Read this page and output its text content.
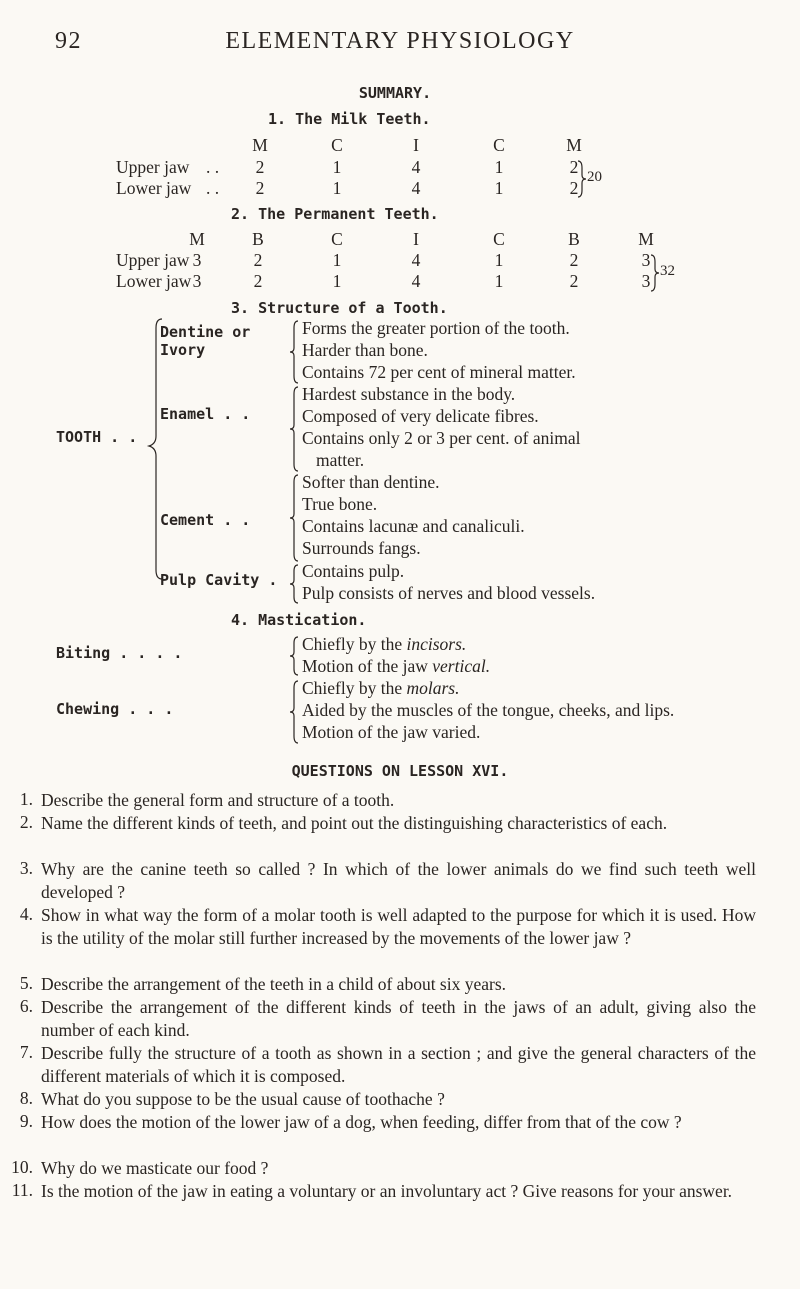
92	ELEMENTARY PHYSIOLOGY
SUMMARY.
1. The Milk Teeth.
M	C	I	C	M
Upper jaw . .	2	1	4	1	2
Lower jaw . .	2	1	4	1	2
20
2. The Permanent Teeth.
M	B	C	I	C	B	M
Upper jaw 3	2	1	4	1	2	3
Lower jaw 3	2	1	4	1	2	3 32
3. Structure of a Tooth.
TOOTH . .
Dentine or
Ivory
Forms the greater portion of the tooth.
Harder than bone.
Contains 72 per cent of mineral matter.
Enamel . .
Hardest substance in the body.
Composed of very delicate fibres.
Contains only 2 or 3 per cent. of animal
matter.
Cement . .
Softer than dentine.
True bone.
Contains lacunæ and canaliculi.
Surrounds fangs.
Pulp Cavity . Contains pulp.
Pulp consists of nerves and blood vessels.
4. Mastication.
Biting . . . .	Chiefly by the incisors.
Motion of the jaw vertical.
Chewing . . .
Chiefly by the molars.
Aided by the muscles of the tongue, cheeks, and lips.
Motion of the jaw varied.
QUESTIONS ON LESSON XVI.
1. Describe the general form and structure of a tooth.
2. Name the different kinds of teeth, and point out the distinguishing characteristics of each.
3. Why are the canine teeth so called ? In which of the lower animals do we find such teeth well developed ?
4. Show in what way the form of a molar tooth is well adapted to the purpose for which it is used. How is the utility of the molar still further increased by the movements of the lower jaw ?
5. Describe the arrangement of the teeth in a child of about six years.
6. Describe the arrangement of the different kinds of teeth in the jaws of an adult, giving also the number of each kind.
7. Describe fully the structure of a tooth as shown in a section ; and give the general characters of the different materials of which it is composed.
8. What do you suppose to be the usual cause of toothache ?
9. How does the motion of the lower jaw of a dog, when feeding, differ from that of the cow ?
10. Why do we masticate our food ?
11. Is the motion of the jaw in eating a voluntary or an involuntary act ? Give reasons for your answer.
